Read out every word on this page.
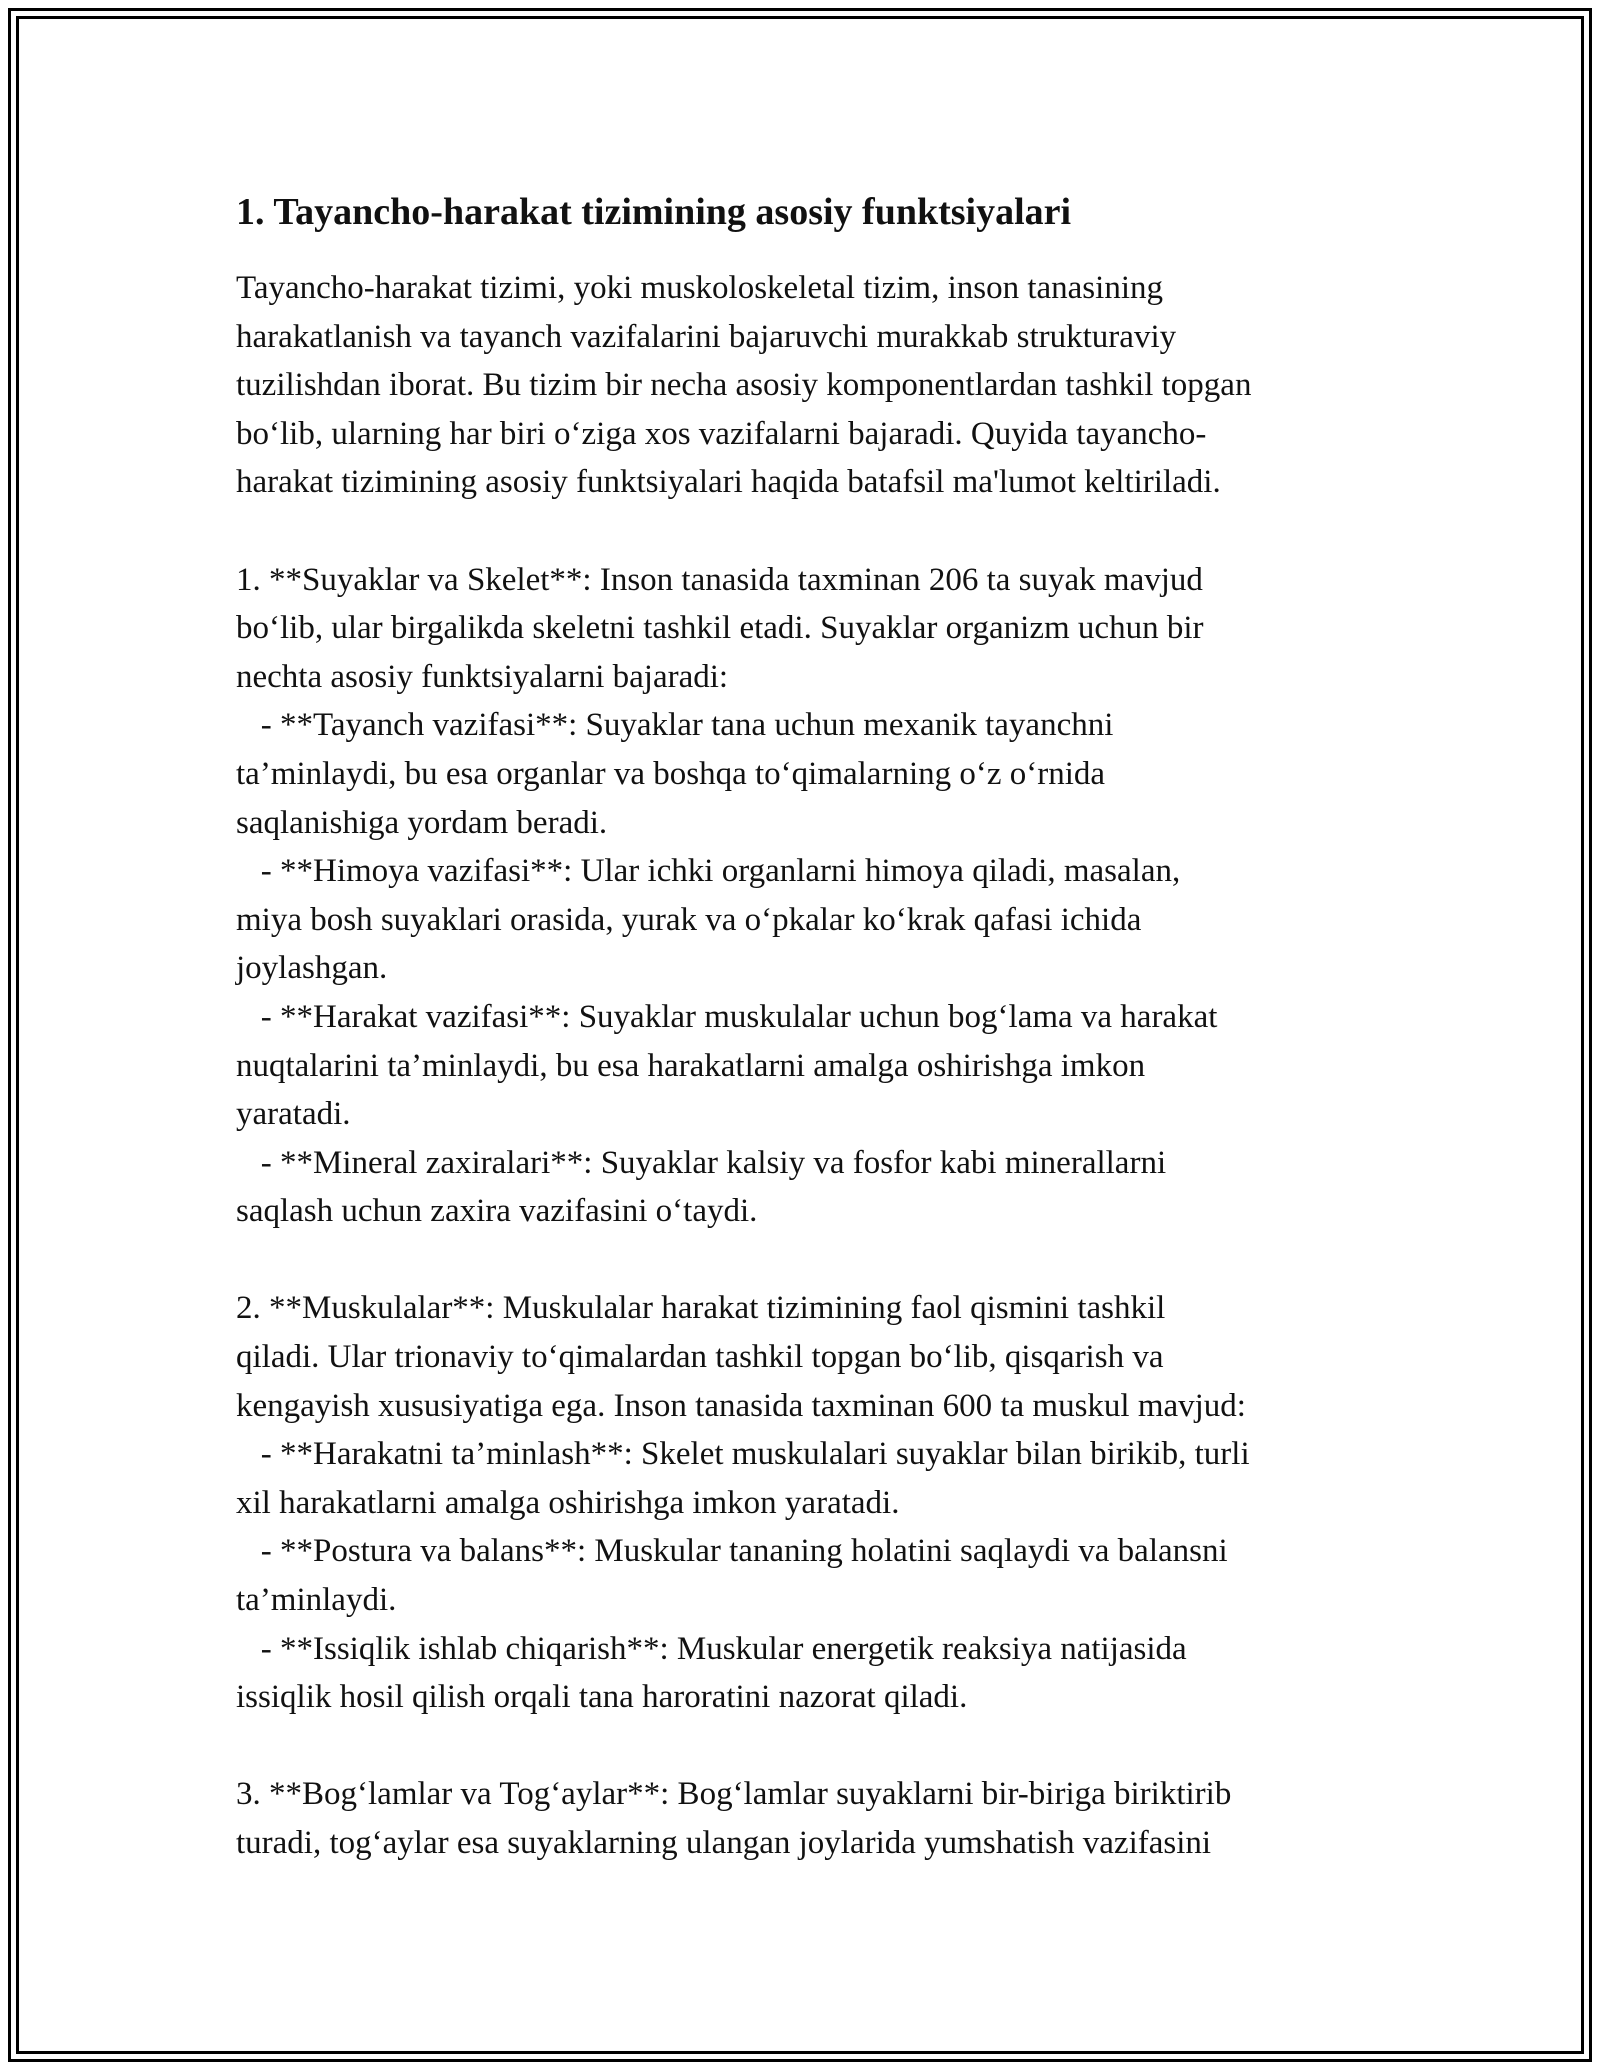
1. Tayancho-harakat tizimining asosiy funktsiyalari
Tayancho-harakat tizimi, yoki muskoloskeletal tizim, inson tanasining
harakatlanish va tayanch vazifalarini bajaruvchi murakkab strukturaviy
tuzilishdan iborat. Bu tizim bir necha asosiy komponentlardan tashkil topgan
bo‘lib, ularning har biri o‘ziga xos vazifalarni bajaradi. Quyida tayancho-
harakat tizimining asosiy funktsiyalari haqida batafsil ma'lumot keltiriladi.
1. **Suyaklar va Skelet**: Inson tanasida taxminan 206 ta suyak mavjud
bo‘lib, ular birgalikda skeletni tashkil etadi. Suyaklar organizm uchun bir
nechta asosiy funktsiyalarni bajaradi:
- **Tayanch vazifasi**: Suyaklar tana uchun mexanik tayanchni
ta’minlaydi, bu esa organlar va boshqa to‘qimalarning o‘z o‘rnida
saqlanishiga yordam beradi.
- **Himoya vazifasi**: Ular ichki organlarni himoya qiladi, masalan,
miya bosh suyaklari orasida, yurak va o‘pkalar ko‘krak qafasi ichida
joylashgan.
- **Harakat vazifasi**: Suyaklar muskulalar uchun bog‘lama va harakat
nuqtalarini ta’minlaydi, bu esa harakatlarni amalga oshirishga imkon
yaratadi.
- **Mineral zaxiralari**: Suyaklar kalsiy va fosfor kabi minerallarni
saqlash uchun zaxira vazifasini o‘taydi.
2. **Muskulalar**: Muskulalar harakat tizimining faol qismini tashkil
qiladi. Ular trionaviy to‘qimalardan tashkil topgan bo‘lib, qisqarish va
kengayish xususiyatiga ega. Inson tanasida taxminan 600 ta muskul mavjud:
- **Harakatni ta’minlash**: Skelet muskulalari suyaklar bilan birikib, turli
xil harakatlarni amalga oshirishga imkon yaratadi.
- **Postura va balans**: Muskular tananing holatini saqlaydi va balansni
ta’minlaydi.
- **Issiqlik ishlab chiqarish**: Muskular energetik reaksiya natijasida
issiqlik hosil qilish orqali tana haroratini nazorat qiladi.
3. **Bog‘lamlar va Tog‘aylar**: Bog‘lamlar suyaklarni bir-biriga biriktirib
turadi, tog‘aylar esa suyaklarning ulangan joylarida yumshatish vazifasini
